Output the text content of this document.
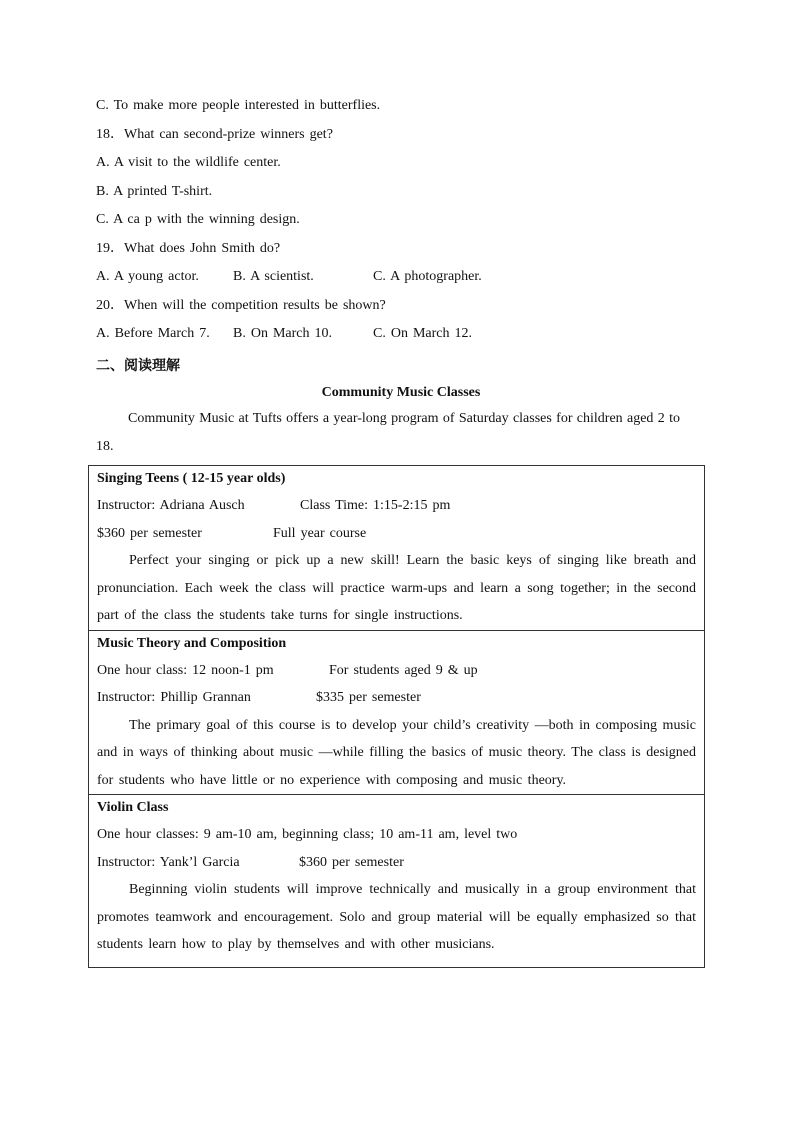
C. To make more people interested in butterflies.
18．What can second-prize winners get?
A. A visit to the wildlife center.
B. A printed T-shirt.
C. A ca p with the winning design.
19．What does John Smith do?
A. A young actor.	B. A scientist.	C. A photographer.
20．When will the competition results be shown?
A. Before March 7.	B. On March 10.	C. On March 12.
二、阅读理解
Community Music Classes
Community Music at Tufts offers a year-long program of Saturday classes for children aged 2 to 18.
Singing Teens ( 12-15 year olds)
Instructor: Adriana Ausch	Class Time: 1:15-2:15 pm
$360 per semester	Full year course
Perfect your singing or pick up a new skill! Learn the basic keys of singing like breath and pronunciation. Each week the class will practice warm-ups and learn a song together; in the second part of the class the students take turns for single instructions.

Music Theory and Composition
One hour class: 12 noon-1 pm	For students aged 9 & up
Instructor: Phillip Grannan	$335 per semester
The primary goal of this course is to develop your child’s creativity —both in composing music and in ways of thinking about music —while filling the basics of music theory. The class is designed for students who have little or no experience with composing and music theory.

Violin Class
One hour classes: 9 am-10 am, beginning class; 10 am-11 am, level two
Instructor: Yank’l Garcia	$360 per semester
Beginning violin students will improve technically and musically in a group environment that promotes teamwork and encouragement. Solo and group material will be equally emphasized so that students learn how to play by themselves and with other musicians.
